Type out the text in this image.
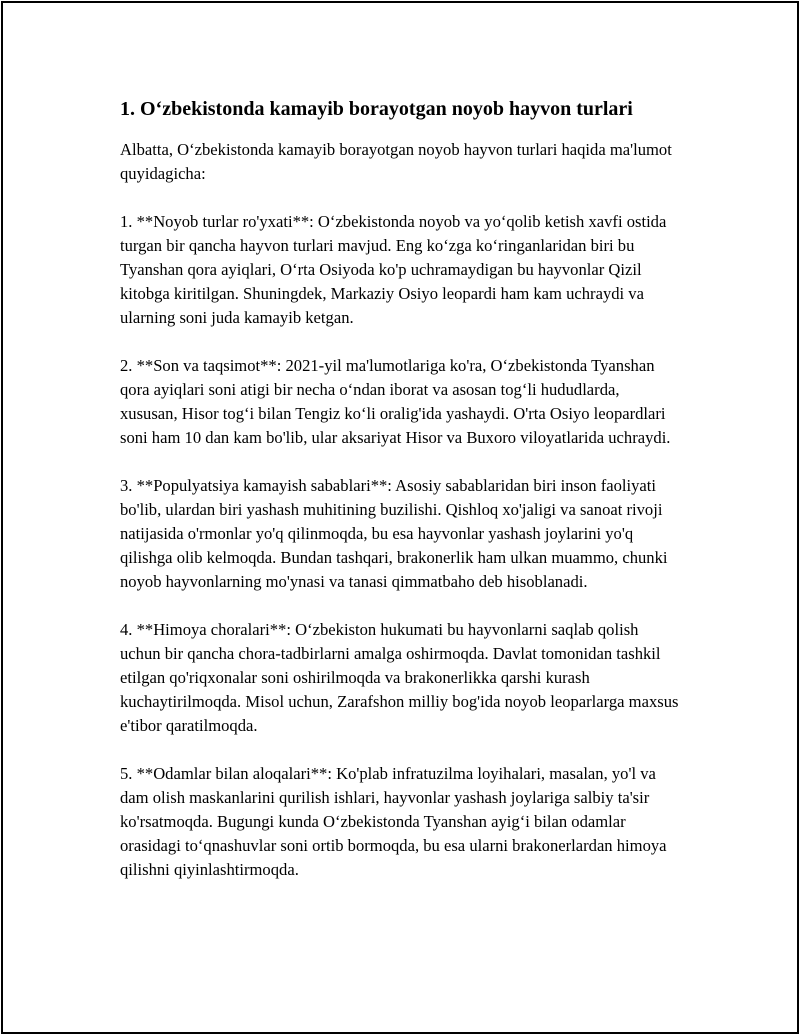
1. O‘zbekistonda kamayib borayotgan noyob hayvon turlari

Albatta, O‘zbekistonda kamayib borayotgan noyob hayvon turlari haqida ma'lumot quyidagicha:

1. **Noyob turlar ro'yxati**: O‘zbekistonda noyob va yo‘qolib ketish xavfi ostida turgan bir qancha hayvon turlari mavjud. Eng ko‘zga ko‘ringanlaridan biri bu Tyanshan qora ayiqlari, O‘rta Osiyoda ko'p uchramaydigan bu hayvonlar Qizil kitobga kiritilgan. Shuningdek, Markaziy Osiyo leopardi ham kam uchraydi va ularning soni juda kamayib ketgan.

2. **Son va taqsimot**: 2021-yil ma'lumotlariga ko'ra, O‘zbekistonda Tyanshan qora ayiqlari soni atigi bir necha o‘ndan iborat va asosan tog‘li hududlarda, xususan, Hisor tog‘i bilan Tengiz ko‘li oralig'ida yashaydi. O'rta Osiyo leopardlari soni ham 10 dan kam bo'lib, ular aksariyat Hisor va Buxoro viloyatlarida uchraydi.

3. **Populyatsiya kamayish sabablari**: Asosiy sabablaridan biri inson faoliyati bo'lib, ulardan biri yashash muhitining buzilishi. Qishloq xo'jaligi va sanoat rivoji natijasida o'rmonlar yo'q qilinmoqda, bu esa hayvonlar yashash joylarini yo'q qilishga olib kelmoqda. Bundan tashqari, brakonerlik ham ulkan muammo, chunki noyob hayvonlarning mo'ynasi va tanasi qimmatbaho deb hisoblanadi.

4. **Himoya choralari**: O‘zbekiston hukumati bu hayvonlarni saqlab qolish uchun bir qancha chora-tadbirlarni amalga oshirmoqda. Davlat tomonidan tashkil etilgan qo'riqxonalar soni oshirilmoqda va brakonerlikka qarshi kurash kuchaytirilmoqda. Misol uchun, Zarafshon milliy bog'ida noyob leoparlarga maxsus e'tibor qaratilmoqda.

5. **Odamlar bilan aloqalari**: Ko'plab infratuzilma loyihalari, masalan, yo'l va dam olish maskanlarini qurilish ishlari, hayvonlar yashash joylariga salbiy ta'sir ko'rsatmoqda. Bugungi kunda O‘zbekistonda Tyanshan ayig‘i bilan odamlar orasidagi to‘qnashuvlar soni ortib bormoqda, bu esa ularni brakonerlardan himoya qilishni qiyinlashtirmoqda.
